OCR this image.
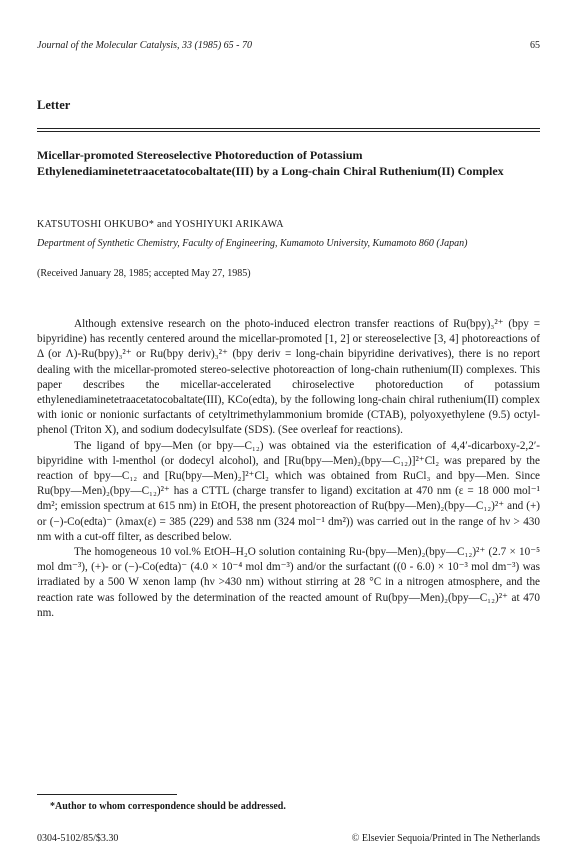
Journal of the Molecular Catalysis, 33 (1985) 65 - 70	65
Letter
Micellar-promoted Stereoselective Photoreduction of Potassium Ethylenediaminetetraacetatocobaltate(III) by a Long-chain Chiral Ruthenium(II) Complex
KATSUTOSHI OHKUBO* and YOSHIYUKI ARIKAWA
Department of Synthetic Chemistry, Faculty of Engineering, Kumamoto University, Kumamoto 860 (Japan)
(Received January 28, 1985; accepted May 27, 1985)

Although extensive research on the photo-induced electron transfer reactions of Ru(bpy)₃²⁺ (bpy = bipyridine) has recently centered around the micellar-promoted [1, 2] or stereoselective [3, 4] photoreactions of Δ (or Λ)-Ru(bpy)₃²⁺ or Ru(bpy deriv)₃²⁺ (bpy deriv = long-chain bipyridine derivatives), there is no report dealing with the micellar-promoted stereo-selective photoreaction of long-chain ruthenium(II) complexes. This paper describes the micellar-accelerated chiroselective photoreduction of potassium ethylenediaminetetraacetatocobaltate(III), KCo(edta), by the following long-chain chiral ruthenium(II) complex with ionic or nonionic surfactants of cetyltrimethylammonium bromide (CTAB), polyoxyethylene (9.5) octyl-phenol (Triton X), and sodium dodecylsulfate (SDS). (See overleaf for reactions).

The ligand of bpy—Men (or bpy—C₁₂) was obtained via the esterification of 4,4′-dicarboxy-2,2′-bipyridine with l-menthol (or dodecyl alcohol), and [Ru(bpy—Men)₂(bpy—C₁₂)]²⁺Cl₂ was prepared by the reaction of bpy—C₁₂ and [Ru(bpy—Men)₂]²⁺Cl₂ which was obtained from RuCl₃ and bpy—Men. Since Ru(bpy—Men)₂(bpy—C₁₂)²⁺ has a CTTL (charge transfer to ligand) excitation at 470 nm (ε = 18 000 mol⁻¹ dm²; emission spectrum at 615 nm) in EtOH, the present photoreaction of Ru(bpy—Men)₂(bpy—C₁₂)²⁺ and (+) or (−)-Co(edta)⁻ (λmax(ε) = 385 (229) and 538 nm (324 mol⁻¹ dm²)) was carried out in the range of hν > 430 nm with a cut-off filter, as described below.

The homogeneous 10 vol.% EtOH–H₂O solution containing Ru-(bpy—Men)₂(bpy—C₁₂)²⁺ (2.7 × 10⁻⁵ mol dm⁻³), (+)- or (−)-Co(edta)⁻ (4.0 × 10⁻⁴ mol dm⁻³) and/or the surfactant ((0 - 6.0) × 10⁻³ mol dm⁻³) was irradiated by a 500 W xenon lamp (hν >430 nm) without stirring at 28 °C in a nitrogen atmosphere, and the reaction rate was followed by the determination of the reacted amount of Ru(bpy—Men)₂(bpy—C₁₂)²⁺ at 470 nm.

*Author to whom correspondence should be addressed.
0304-5102/85/$3.30	© Elsevier Sequoia/Printed in The Netherlands
